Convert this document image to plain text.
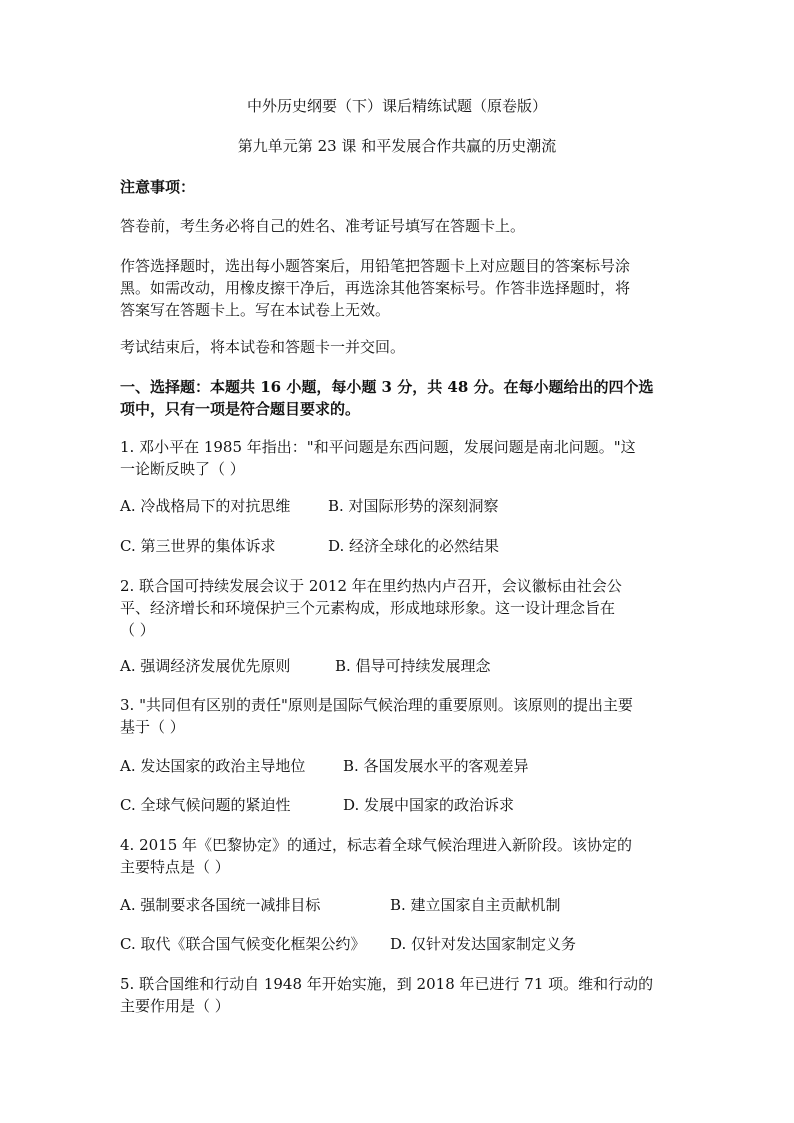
中外历史纲要（下）课后精练试题（原卷版）
第九单元第 23 课 和平发展合作共赢的历史潮流
注意事项：
答卷前，考生务必将自己的姓名、准考证号填写在答题卡上。
作答选择题时，选出每小题答案后，用铅笔把答题卡上对应题目的答案标号涂
黑。如需改动，用橡皮擦干净后，再选涂其他答案标号。作答非选择题时，将
答案写在答题卡上。写在本试卷上无效。
考试结束后，将本试卷和答题卡一并交回。
一、选择题：本题共 16 小题，每小题 3 分，共 48 分。在每小题给出的四个选
项中，只有一项是符合题目要求的。
1. 邓小平在 1985 年指出："和平问题是东西问题，发展问题是南北问题。"这
一论断反映了（ ）
A. 冷战格局下的对抗思维	B. 对国际形势的深刻洞察
C. 第三世界的集体诉求	D. 经济全球化的必然结果
2. 联合国可持续发展会议于 2012 年在里约热内卢召开，会议徽标由社会公
平、经济增长和环境保护三个元素构成，形成地球形象。这一设计理念旨在
（ ）
A. 强调经济发展优先原则	B. 倡导可持续发展理念
3. "共同但有区别的责任"原则是国际气候治理的重要原则。该原则的提出主要
基于（ ）
A. 发达国家的政治主导地位	B. 各国发展水平的客观差异
C. 全球气候问题的紧迫性	D. 发展中国家的政治诉求
4. 2015 年《巴黎协定》的通过，标志着全球气候治理进入新阶段。该协定的
主要特点是（ ）
A. 强制要求各国统一减排目标	B. 建立国家自主贡献机制
C. 取代《联合国气候变化框架公约》 D. 仅针对发达国家制定义务
5. 联合国维和行动自 1948 年开始实施，到 2018 年已进行 71 项。维和行动的
主要作用是（ ）
